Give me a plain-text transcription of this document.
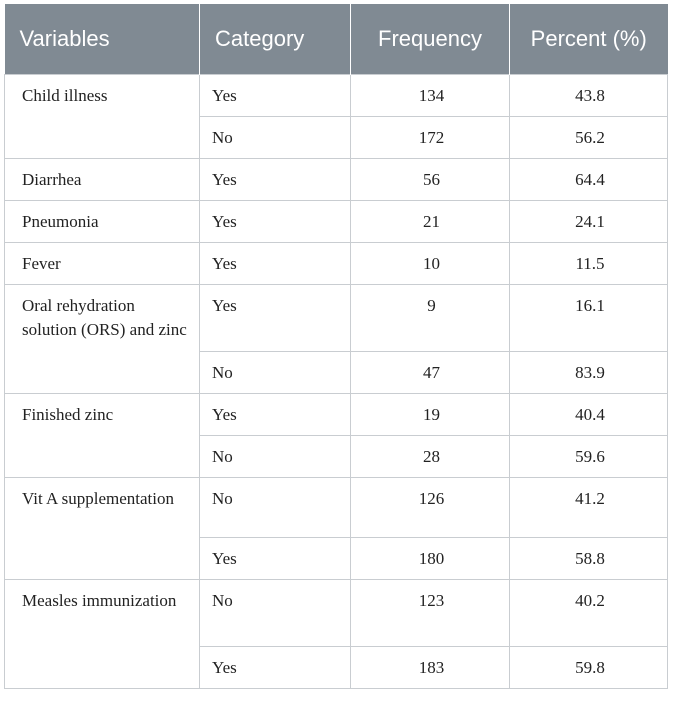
Variables	Category	Frequency	Percent (%)
Child illness	Yes	134	43.8
	No	172	56.2
Diarrhea	Yes	56	64.4
Pneumonia	Yes	21	24.1
Fever	Yes	10	11.5
Oral rehydration solution (ORS) and zinc	Yes	9	16.1
	No	47	83.9
Finished zinc	Yes	19	40.4
	No	28	59.6
Vit A supplementation	No	126	41.2
	Yes	180	58.8
Measles immunization	No	123	40.2
	Yes	183	59.8
